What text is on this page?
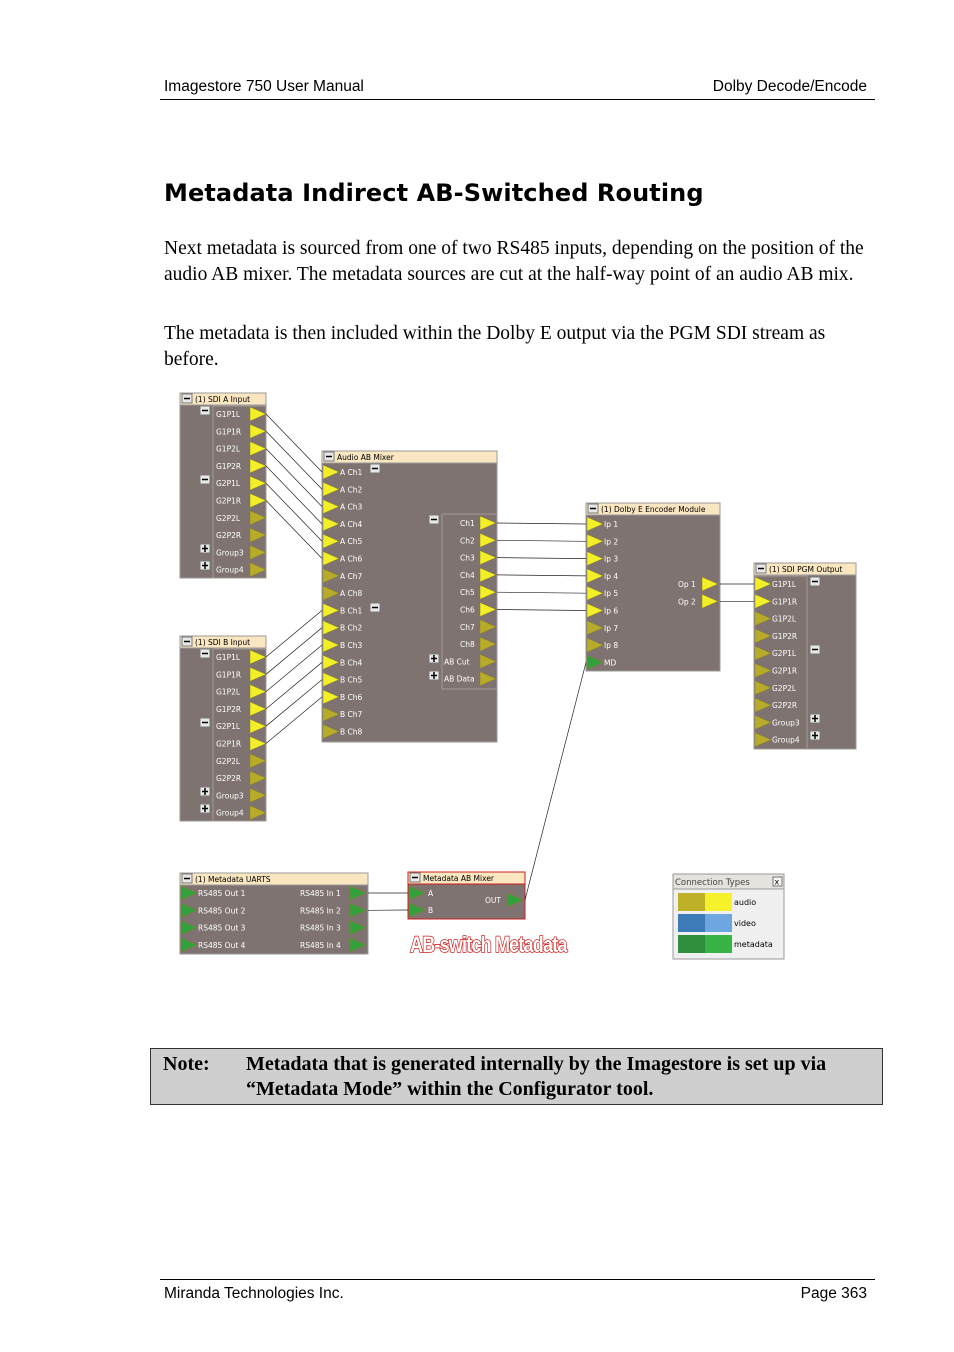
Imagestore 750 User Manual	Dolby Decode/Encode
Metadata Indirect AB-Switched Routing

Next metadata is sourced from one of two RS485 inputs, depending on the position of the audio AB mixer. The metadata sources are cut at the half-way point of an audio AB mix.

The metadata is then included within the Dolby E output via the PGM SDI stream as before.

(1) SDI A Input
G1P1L
G1P1R
G1P2L
G1P2R
G2P1L
G2P1R
G2P2L
G2P2R
Group3
Group4
(1) SDI B Input
G1P1L
G1P1R
G1P2L
G1P2R
G2P1L
G2P1R
G2P2L
G2P2R
Group3
Group4
Audio AB Mixer
A Ch1
A Ch2
A Ch3
A Ch4
A Ch5
A Ch6
A Ch7
A Ch8
B Ch1
B Ch2
B Ch3
B Ch4
B Ch5
B Ch6
B Ch7
B Ch8
Ch1
Ch2
Ch3
Ch4
Ch5
Ch6
Ch7
Ch8
AB Cut
AB Data
(1) Dolby E Encoder Module
Ip 1
Ip 2
Ip 3
Ip 4
Ip 5
Ip 6
Ip 7
Ip 8
MD
Op 1
Op 2
(1) SDI PGM Output
G1P1L
G1P1R
G1P2L
G1P2R
G2P1L
G2P1R
G2P2L
G2P2R
Group3
Group4
(1) Metadata UARTS
RS485 Out 1	RS485 In 1
RS485 Out 2	RS485 In 2
RS485 Out 3	RS485 In 3
RS485 Out 4	RS485 In 4
Metadata AB Mixer
A
B
OUT
AB-switch Metadata
Connection Types	x
audio
video
metadata
Note: Metadata that is generated internally by the Imagestore is set up via “Metadata Mode” within the Configurator tool.
Miranda Technologies Inc.	Page 363
